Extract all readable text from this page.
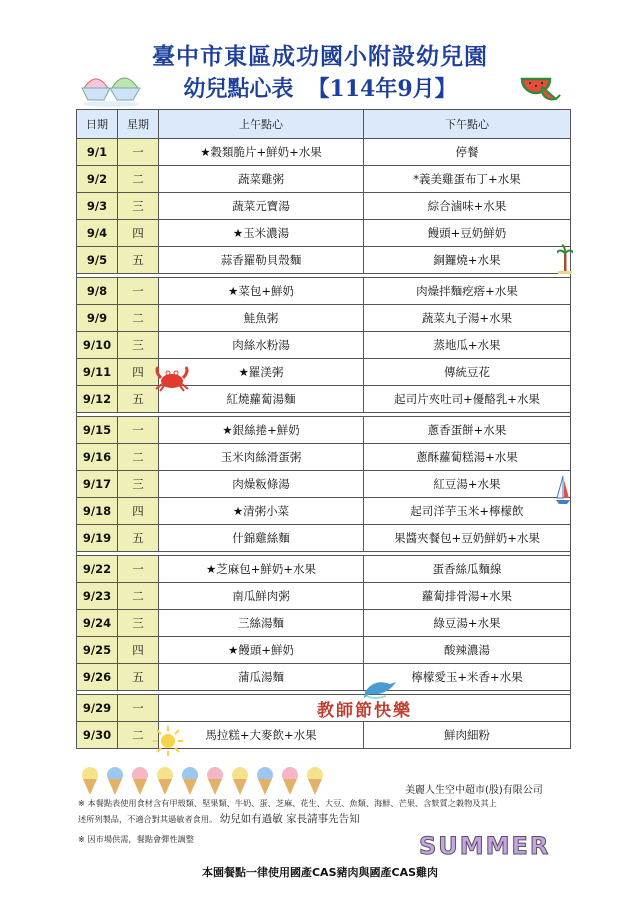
臺中市東區成功國小附設幼兒園
幼兒點心表 【114年9月】
日期	星期	上午點心	下午點心
9/1	一	★穀類脆片+鮮奶+水果	停餐
9/2	二	蔬菜雞粥	*義美雞蛋布丁+水果
9/3	三	蔬菜元寶湯	綜合滷味+水果
9/4	四	★玉米濃湯	饅頭+豆奶鮮奶
9/5	五	蒜香羅勒貝殼麵	銅鑼燒+水果

9/8	一	★菜包+鮮奶	肉燥拌麵疙瘩+水果
9/9	二	鮭魚粥	蔬菜丸子湯+水果
9/10	三	肉絲水粉湯	蒸地瓜+水果
9/11	四	★羅渼粥	傳統豆花
9/12	五	紅燒蘿蔔湯麵	起司片夾吐司+優酪乳+水果

9/15	一	★銀絲捲+鮮奶	蔥香蛋餅+水果
9/16	二	玉米肉絲滑蛋粥	蔥酥蘿蔔糕湯+水果
9/17	三	肉燥粄條湯	紅豆湯+水果
9/18	四	★清粥小菜	起司洋芋玉米+檸檬飲
9/19	五	什錦雞絲麵	果醬夾餐包+豆奶鮮奶+水果

9/22	一	★芝麻包+鮮奶+水果	蛋香絲瓜麵線
9/23	二	南瓜鮮肉粥	蘿蔔排骨湯+水果
9/24	三	三絲湯麵	綠豆湯+水果
9/25	四	★饅頭+鮮奶	酸辣濃湯
9/26	五	蒲瓜湯麵	檸檬愛玉+米香+水果

9/29	一	教師節快樂	
9/30	二	馬拉糕+大麥飲+水果	鮮肉細粉
美麗人生空中超市(股)有限公司
※ 本餐點表使用食材含有甲殼類、堅果類、牛奶、蛋、芝麻、花生、大豆、魚類、海鮮、芒果、含麩質之穀物及其上
述所列製品，不適合對其過敏者食用。 幼兒如有過敏 家長請事先告知
※ 因市場供需，餐點會彈性調整	SUMMER
本園餐點一律使用國產CAS豬肉與國產CAS雞肉
